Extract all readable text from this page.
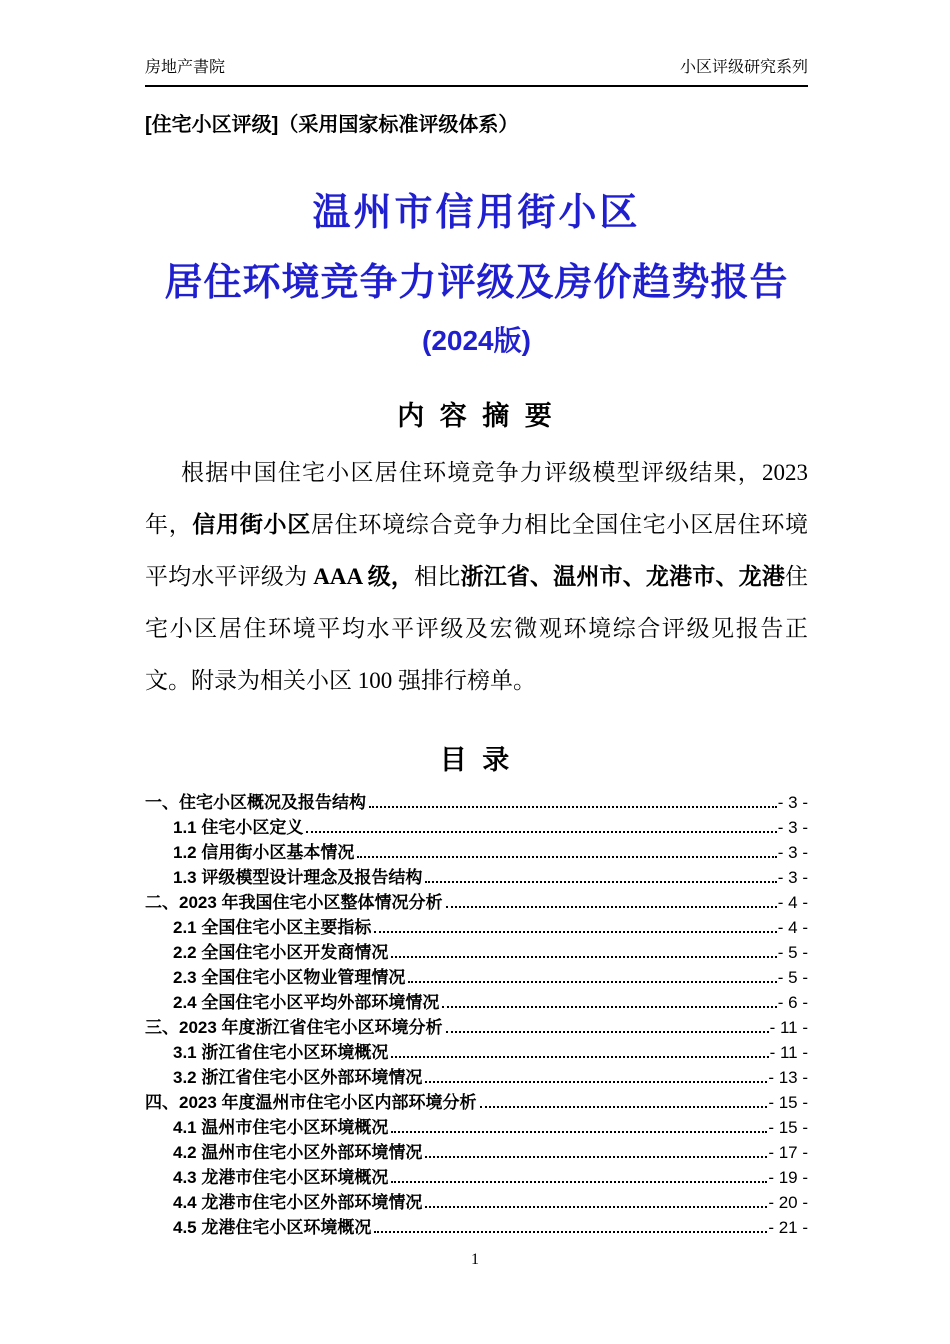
房地产書院	小区评级研究系列
[住宅小区评级]（采用国家标准评级体系）
温州市信用街小区
居住环境竞争力评级及房价趋势报告
(2024版)
内 容 摘 要

根据中国住宅小区居住环境竞争力评级模型评级结果，2023 年，信用街小区居住环境综合竞争力相比全国住宅小区居住环境平均水平评级为 AAA 级，相比浙江省、温州市、龙港市、龙港住宅小区居住环境平均水平评级及宏微观环境综合评级见报告正文。附录为相关小区 100 强排行榜单。

目 录
一、住宅小区概况及报告结构	- 3 -
1.1 住宅小区定义	- 3 -
1.2 信用街小区基本情况	- 3 -
1.3 评级模型设计理念及报告结构	- 3 -
二、2023 年我国住宅小区整体情况分析	- 4 -
2.1 全国住宅小区主要指标	- 4 -
2.2 全国住宅小区开发商情况	- 5 -
2.3 全国住宅小区物业管理情况	- 5 -
2.4 全国住宅小区平均外部环境情况	- 6 -
三、2023 年度浙江省住宅小区环境分析	- 11 -
3.1 浙江省住宅小区环境概况	- 11 -
3.2 浙江省住宅小区外部环境情况	- 13 -
四、2023 年度温州市住宅小区内部环境分析	- 15 -
4.1 温州市住宅小区环境概况	- 15 -
4.2 温州市住宅小区外部环境情况	- 17 -
4.3 龙港市住宅小区环境概况	- 19 -
4.4 龙港市住宅小区外部环境情况	- 20 -
4.5 龙港住宅小区环境概况	- 21 -
1
